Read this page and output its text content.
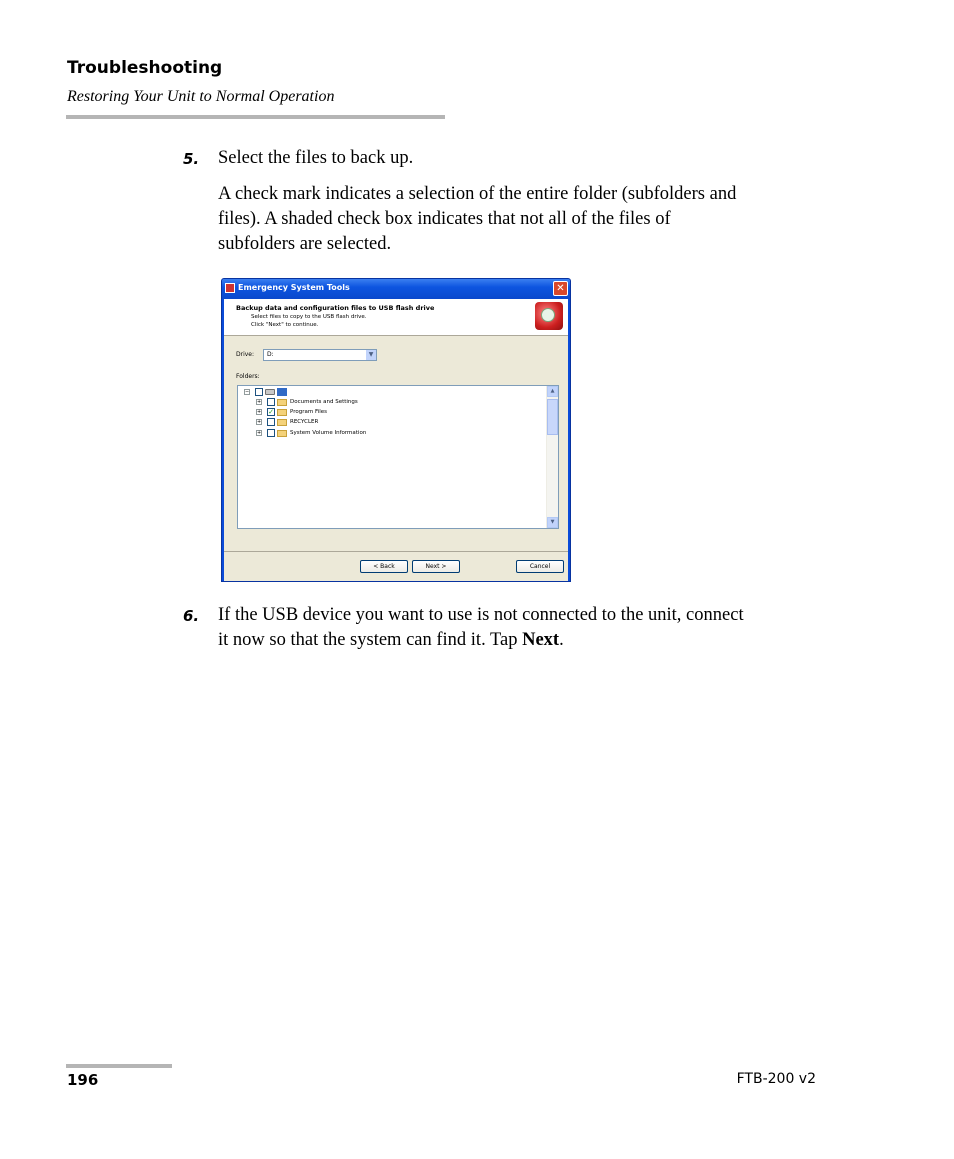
Troubleshooting
Restoring Your Unit to Normal Operation
5. Select the files to back up.
A check mark indicates a selection of the entire folder (subfolders and
files). A shaded check box indicates that not all of the files of
subfolders are selected.
Emergency System Tools	✕
Backup data and configuration files to USB flash drive
Select files to copy to the USB flash drive.
Click "Next" to continue.
Drive: D:	▼
Folders:
−
+	Documents and Settings
+ ✓	Program Files
+	RECYCLER
+	System Volume Information
▲
▼
< Back	Next >	Cancel
6. If the USB device you want to use is not connected to the unit, connect
it now so that the system can find it. Tap Next.
196	FTB-200 v2
